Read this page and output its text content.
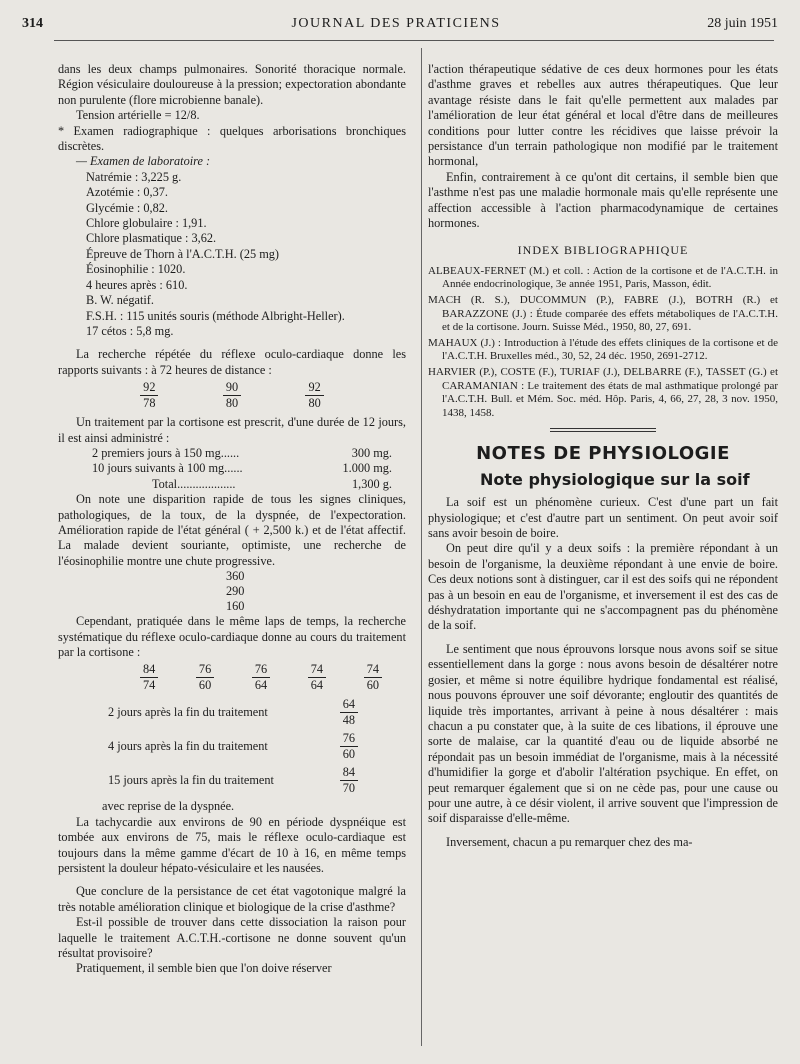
314	JOURNAL DES PRATICIENS	28 juin 1951

dans les deux champs pulmonaires. Sonorité thoracique normale. Région vésiculaire douloureuse à la pression; expectoration abondante non purulente (flore microbienne banale).

Tension artérielle = 12/8.

* Examen radiographique : quelques arborisations bronchiques discrètes.

— Examen de laboratoire :

Natrémie : 3,225 g.

Azotémie : 0,37.

Glycémie : 0,82.

Chlore globulaire : 1,91.

Chlore plasmatique : 3,62.

Épreuve de Thorn à l'A.C.T.H. (25 mg)

Éosinophilie : 1020.

4 heures après : 610.

B. W. négatif.

F.S.H. : 115 unités souris (méthode Albright-Heller).

17 cétos : 5,8 mg.

La recherche répétée du réflexe oculo-cardiaque donne les rapports suivants : à 72 heures de distance :

$\frac{92}{78}$	$\frac{90}{80}$	$\frac{92}{80}$

Un traitement par la cortisone est prescrit, d'une durée de 12 jours, il est ainsi administré :

2 premiers jours à 150 mg......	300 mg.
10 jours suivants à 100 mg......	1.000 mg.
Total...................	1,300 g.

On note une disparition rapide de tous les signes cliniques, pathologiques, de la toux, de la dyspnée, de l'expectoration. Amélioration rapide de l'état général ( + 2,500 k.) et de l'état affectif. La malade devient souriante, optimiste, une recherche de l'éosinophilie montre une chute progressive.

360
290
160

Cependant, pratiquée dans le même laps de temps, la recherche systématique du réflexe oculo-cardiaque donne au cours du traitement par la cortisone :

$\frac{84}{74}$	$\frac{76}{60}$	$\frac{76}{64}$	$\frac{74}{64}$	$\frac{74}{60}$
2 jours après la fin du traitement	$\frac{64}{48}$
4 jours après la fin du traitement	$\frac{76}{60}$
15 jours après la fin du traitement	$\frac{84}{70}$

avec reprise de la dyspnée.

La tachycardie aux environs de 90 en période dyspnéique est tombée aux environs de 75, mais le réflexe oculo-cardiaque est toujours dans la même gamme d'écart de 10 à 16, en même temps persistent la douleur hépato-vésiculaire et les nausées.

Que conclure de la persistance de cet état vagotonique malgré la très notable amélioration clinique et biologique de la crise d'asthme?

Est-il possible de trouver dans cette dissociation la raison pour laquelle le traitement A.C.T.H.-cortisone ne donne souvent qu'un résultat provisoire?

Pratiquement, il semble bien que l'on doive réserver

l'action thérapeutique sédative de ces deux hormones pour les états d'asthme graves et rebelles aux autres thérapeutiques. Que leur avantage résiste dans le fait qu'elle permettent aux malades par l'amélioration de leur état général et local d'être dans de meilleures conditions pour lutter contre les récidives que laisse prévoir la persistance d'un terrain pathologique non modifié par le traitement hormonal,

Enfin, contrairement à ce qu'ont dit certains, il semble bien que l'asthme n'est pas une maladie hormonale mais qu'elle représente une affection accessible à l'action pharmacodynamique de certaines hormones.

INDEX BIBLIOGRAPHIQUE

ALBEAUX-FERNET (M.) et coll. : Action de la cortisone et de l'A.C.T.H. in Année endocrinologique, 3e année 1951, Paris, Masson, édit.

MACH (R. S.), DUCOMMUN (P.), FABRE (J.), BOTRH (R.) et BARAZZONE (J.) : Étude comparée des effets métaboliques de l'A.C.T.H. et de la cortisone. Journ. Suisse Méd., 1950, 80, 27, 691.

MAHAUX (J.) : Introduction à l'étude des effets cliniques de la cortisone et de l'A.C.T.H. Bruxelles méd., 30, 52, 24 déc. 1950, 2691-2712.

HARVIER (P.), COSTE (F.), TURIAF (J.), DELBARRE (F.), TASSET (G.) et CARAMANIAN : Le traitement des états de mal asthmatique prolongé par l'A.C.T.H. Bull. et Mém. Soc. méd. Hôp. Paris, 4, 66, 27, 28, 3 nov. 1950, 1438, 1458.

NOTES DE PHYSIOLOGIE
Note physiologique sur la soif

La soif est un phénomène curieux. C'est d'une part un fait physiologique; et c'est d'autre part un sentiment. On peut avoir soif sans avoir besoin de boire.

On peut dire qu'il y a deux soifs : la première répondant à un besoin de l'organisme, la deuxième répondant à une envie de boire. Ces deux notions sont à distinguer, car il est des soifs qui ne répondent pas à un besoin en eau de l'organisme, et inversement il est des cas de déshydratation importante qui ne s'accompagnent pas du phénomène de la soif.

Le sentiment que nous éprouvons lorsque nous avons soif se situe essentiellement dans la gorge : nous avons besoin de désaltérer notre gosier, et même si notre équilibre hydrique fondamental est réalisé, nous pouvons éprouver une soif dévorante; engloutir des quantités de liquide très importantes, arrivant à peine à nous désaltérer : mais chacun a pu constater que, à la suite de ces libations, il éprouve une sorte de malaise, car la quantité d'eau ou de liquide absorbé ne répondait pas un besoin immédiat de l'organisme, mais à la nécessité d'humidifier la gorge et d'abolir l'altération psychique. En effet, on peut remarquer également que si on ne cède pas, pour une cause ou pour une autre, à ce désir violent, il arrive souvent que l'impression de soif disparaisse d'elle-même.

Inversement, chacun a pu remarquer chez des ma-
